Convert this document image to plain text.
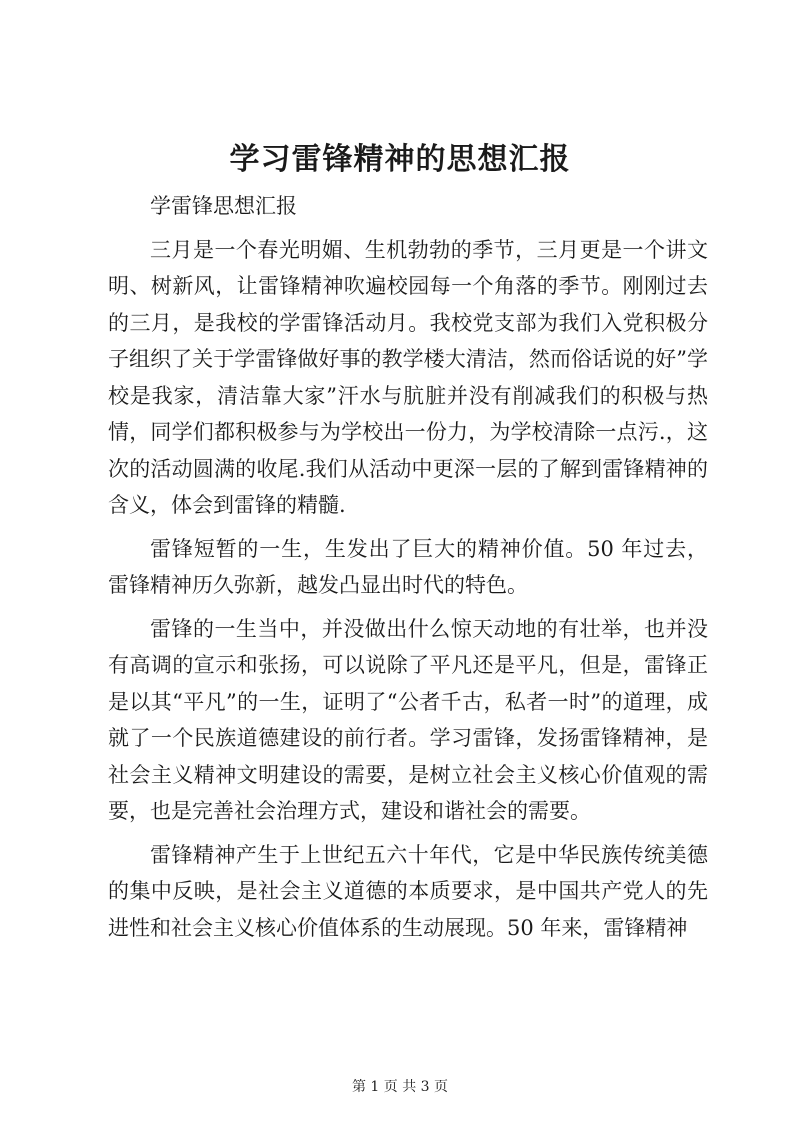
学习雷锋精神的思想汇报

学雷锋思想汇报

三月是一个春光明媚、生机勃勃的季节，三月更是一个讲文明、树新风，让雷锋精神吹遍校园每一个角落的季节。刚刚过去的三月，是我校的学雷锋活动月。我校党支部为我们入党积极分子组织了关于学雷锋做好事的教学楼大清洁，然而俗话说的好”学校是我家，清洁靠大家”汗水与肮脏并没有削减我们的积极与热情，同学们都积极参与为学校出一份力，为学校清除一点污.，这次的活动圆满的收尾.我们从活动中更深一层的了解到雷锋精神的含义，体会到雷锋的精髓.

雷锋短暂的一生，生发出了巨大的精神价值。50 年过去，雷锋精神历久弥新，越发凸显出时代的特色。

雷锋的一生当中，并没做出什么惊天动地的有壮举，也并没有高调的宣示和张扬，可以说除了平凡还是平凡，但是，雷锋正是以其“平凡”的一生，证明了“公者千古，私者一时”的道理，成就了一个民族道德建设的前行者。学习雷锋，发扬雷锋精神，是社会主义精神文明建设的需要，是树立社会主义核心价值观的需要，也是完善社会治理方式，建设和谐社会的需要。

雷锋精神产生于上世纪五六十年代，它是中华民族传统美德的集中反映，是社会主义道德的本质要求，是中国共产党人的先进性和社会主义核心价值体系的生动展现。50 年来，雷锋精神

第 1 页 共 3 页
